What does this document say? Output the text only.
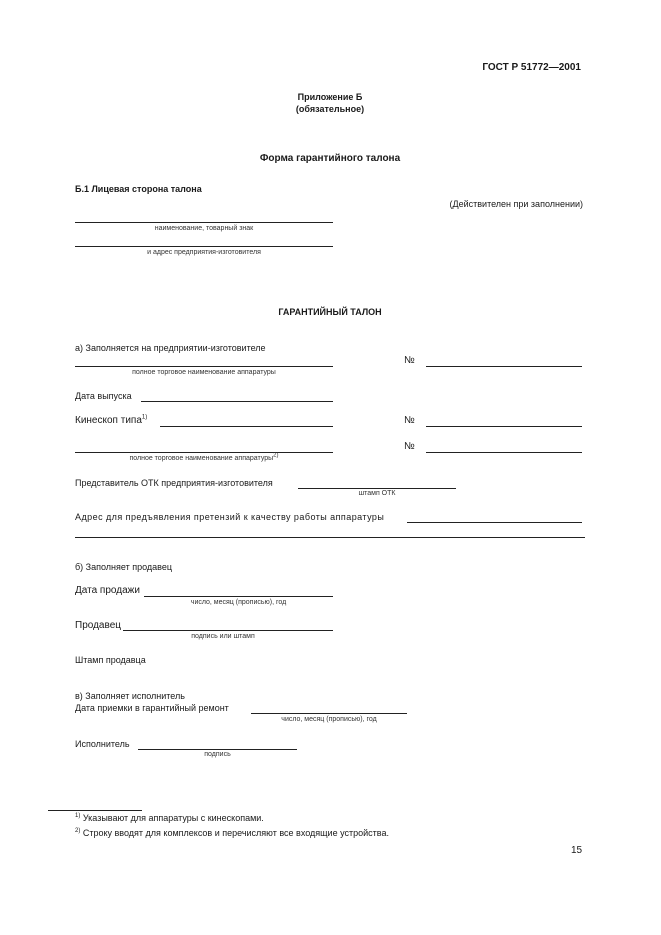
ГОСТ Р 51772—2001
Приложение Б
(обязательное)
Форма гарантийного талона
Б.1 Лицевая сторона талона
(Действителен при заполнении)
наименование, товарный знак
и адрес предприятия-изготовителя
ГАРАНТИЙНЫЙ ТАЛОН
а) Заполняется на предприятии-изготовителе
полное торговое наименование аппаратуры
№
Дата выпуска
Кинескоп типа$^{1)}$	№
№
полное торговое наименование аппаратуры$^{2)}$
Представитель ОТК предприятия-изготовителя
штамп ОТК
Адрес для предъявления претензий к качеству работы аппаратуры
б) Заполняет продавец
Дата продажи
число, месяц (прописью), год
Продавец
подпись или штамп
Штамп продавца
в) Заполняет исполнитель
Дата приемки в гарантийный ремонт
число, месяц (прописью), год
Исполнитель
подпись
$^{1)}$ Указывают для аппаратуры с кинескопами.
$^{2)}$ Строку вводят для комплексов и перечисляют все входящие устройства.
15
